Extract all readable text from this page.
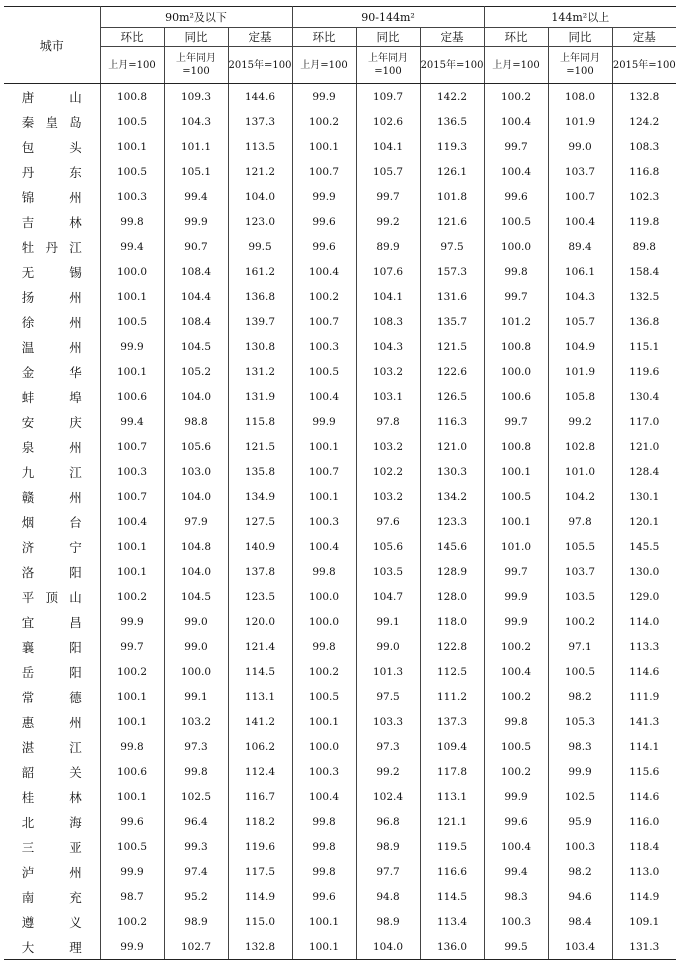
城市	90m²及以下			90-144m²			144m²以上		
	环比	同比	定基	环比	同比	定基	环比	同比	定基
	上月=100	上年同月=100	2015年=100	上月=100	上年同月=100	2015年=100	上月=100	上年同月=100	2015年=100
唐山	100.8	109.3	144.6	99.9	109.7	142.2	100.2	108.0	132.8
秦皇岛	100.5	104.3	137.3	100.2	102.6	136.5	100.4	101.9	124.2
包头	100.1	101.1	113.5	100.1	104.1	119.3	99.7	99.0	108.3
丹东	100.5	105.1	121.2	100.7	105.7	126.1	100.4	103.7	116.8
锦州	100.3	99.4	104.0	99.9	99.7	101.8	99.6	100.7	102.3
吉林	99.8	99.9	123.0	99.6	99.2	121.6	100.5	100.4	119.8
牡丹江	99.4	90.7	99.5	99.6	89.9	97.5	100.0	89.4	89.8
无锡	100.0	108.4	161.2	100.4	107.6	157.3	99.8	106.1	158.4
扬州	100.1	104.4	136.8	100.2	104.1	131.6	99.7	104.3	132.5
徐州	100.5	108.4	139.7	100.7	108.3	135.7	101.2	105.7	136.8
温州	99.9	104.5	130.8	100.3	104.3	121.5	100.8	104.9	115.1
金华	100.1	105.2	131.2	100.5	103.2	122.6	100.0	101.9	119.6
蚌埠	100.6	104.0	131.9	100.4	103.1	126.5	100.6	105.8	130.4
安庆	99.4	98.8	115.8	99.9	97.8	116.3	99.7	99.2	117.0
泉州	100.7	105.6	121.5	100.1	103.2	121.0	100.8	102.8	121.0
九江	100.3	103.0	135.8	100.7	102.2	130.3	100.1	101.0	128.4
赣州	100.7	104.0	134.9	100.1	103.2	134.2	100.5	104.2	130.1
烟台	100.4	97.9	127.5	100.3	97.6	123.3	100.1	97.8	120.1
济宁	100.1	104.8	140.9	100.4	105.6	145.6	101.0	105.5	145.5
洛阳	100.1	104.0	137.8	99.8	103.5	128.9	99.7	103.7	130.0
平顶山	100.2	104.5	123.5	100.0	104.7	128.0	99.9	103.5	129.0
宜昌	99.9	99.0	120.0	100.0	99.1	118.0	99.9	100.2	114.0
襄阳	99.7	99.0	121.4	99.8	99.0	122.8	100.2	97.1	113.3
岳阳	100.2	100.0	114.5	100.2	101.3	112.5	100.4	100.5	114.6
常德	100.1	99.1	113.1	100.5	97.5	111.2	100.2	98.2	111.9
惠州	100.1	103.2	141.2	100.1	103.3	137.3	99.8	105.3	141.3
湛江	99.8	97.3	106.2	100.0	97.3	109.4	100.5	98.3	114.1
韶关	100.6	99.8	112.4	100.3	99.2	117.8	100.2	99.9	115.6
桂林	100.1	102.5	116.7	100.4	102.4	113.1	99.9	102.5	114.6
北海	99.6	96.4	118.2	99.8	96.8	121.1	99.6	95.9	116.0
三亚	100.5	99.3	119.6	99.8	98.9	119.5	100.4	100.3	118.4
泸州	99.9	97.4	117.5	99.8	97.7	116.6	99.4	98.2	113.0
南充	98.7	95.2	114.9	99.6	94.8	114.5	98.3	94.6	114.9
遵义	100.2	98.9	115.0	100.1	98.9	113.4	100.3	98.4	109.1
大理	99.9	102.7	132.8	100.1	104.0	136.0	99.5	103.4	131.3
